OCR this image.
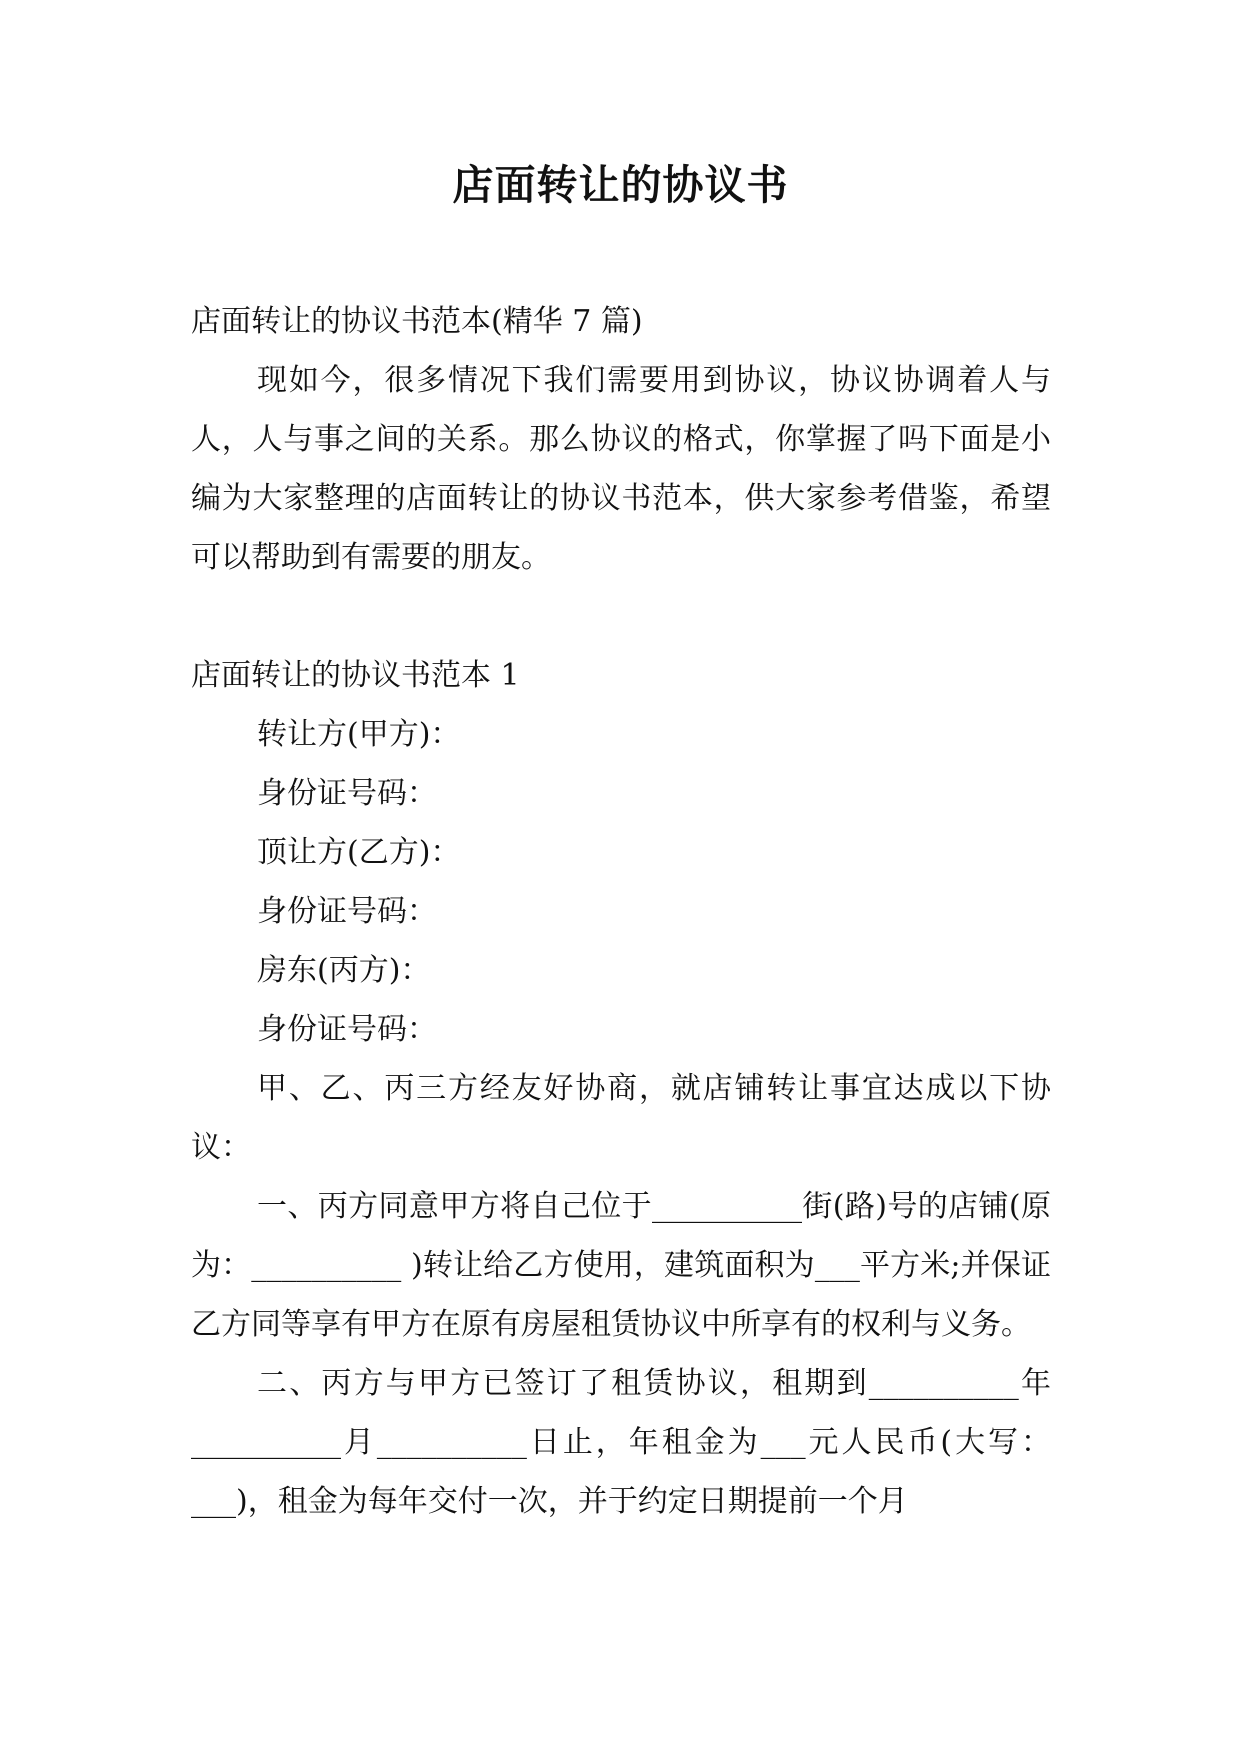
店面转让的协议书

店面转让的协议书范本(精华 7 篇)

现如今，很多情况下我们需要用到协议，协议协调着人与人，人与事之间的关系。那么协议的格式，你掌握了吗下面是小编为大家整理的店面转让的协议书范本，供大家参考借鉴，希望可以帮助到有需要的朋友。

店面转让的协议书范本 1

转让方(甲方)：

身份证号码：

顶让方(乙方)：

身份证号码：

房东(丙方)：

身份证号码：

甲、乙、丙三方经友好协商，就店铺转让事宜达成以下协议：

一、丙方同意甲方将自己位于__________街(路)号的店铺(原为：__________ )转让给乙方使用，建筑面积为___平方米;并保证乙方同等享有甲方在原有房屋租赁协议中所享有的权利与义务。

二、丙方与甲方已签订了租赁协议，租期到__________年__________月__________日止，年租金为___元人民币(大写：___)，租金为每年交付一次，并于约定日期提前一个月
